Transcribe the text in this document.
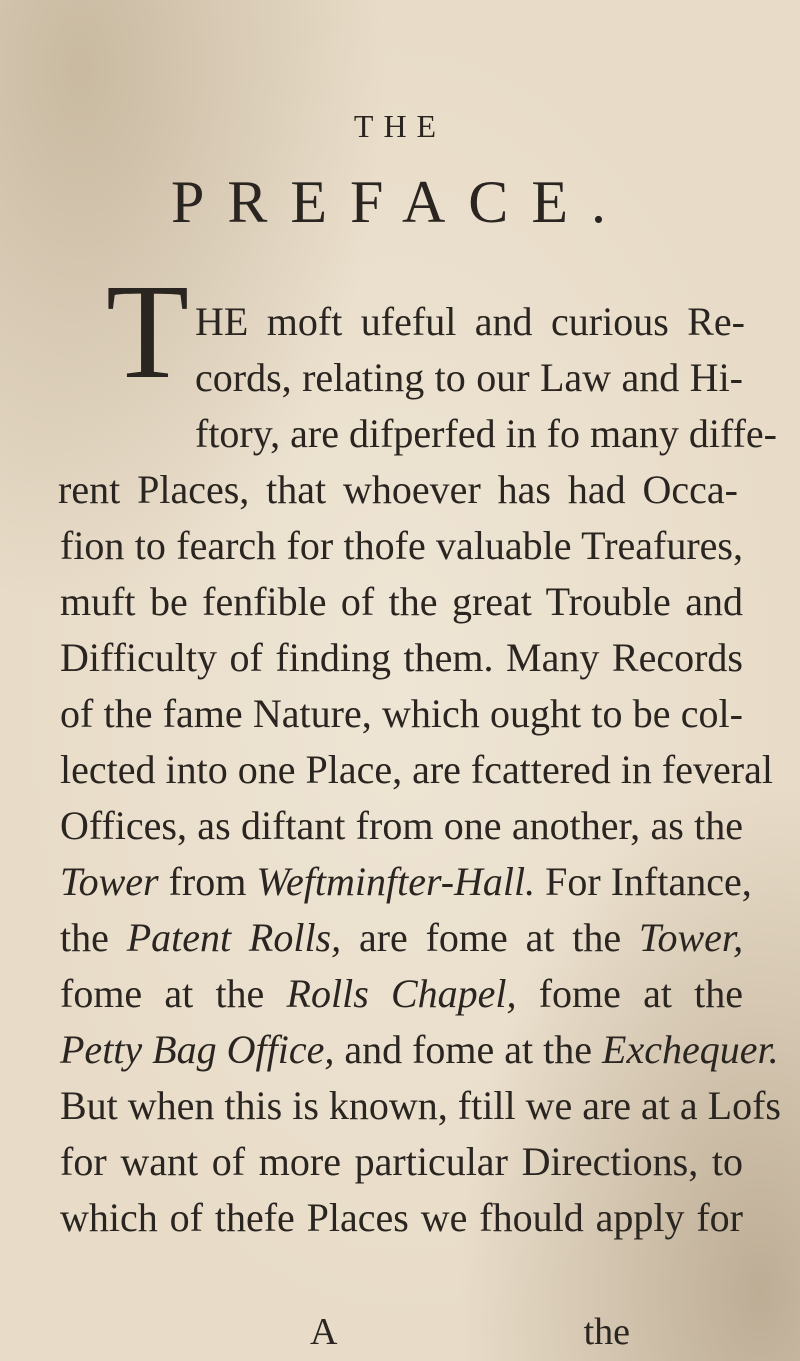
THE
PREFACE.
T HE moft ufeful and curious Re-
cords, relating to our Law and Hi-
ftory, are difperfed in fo many diffe-
rent Places, that whoever has had Occa-
fion to fearch for thofe valuable Treafures,
muft be fenfible of the great Trouble and
Difficulty of finding them. Many Records
of the fame Nature, which ought to be col-
lected into one Place, are fcattered in feveral
Offices, as diftant from one another, as the
Tower from Weftminfter-Hall. For Inftance,
the Patent Rolls, are fome at the Tower,
fome at the Rolls Chapel, fome at the
Petty Bag Office, and fome at the Exchequer.
But when this is known, ftill we are at a Lofs
for want of more particular Directions, to
which of thefe Places we fhould apply for
A	the
